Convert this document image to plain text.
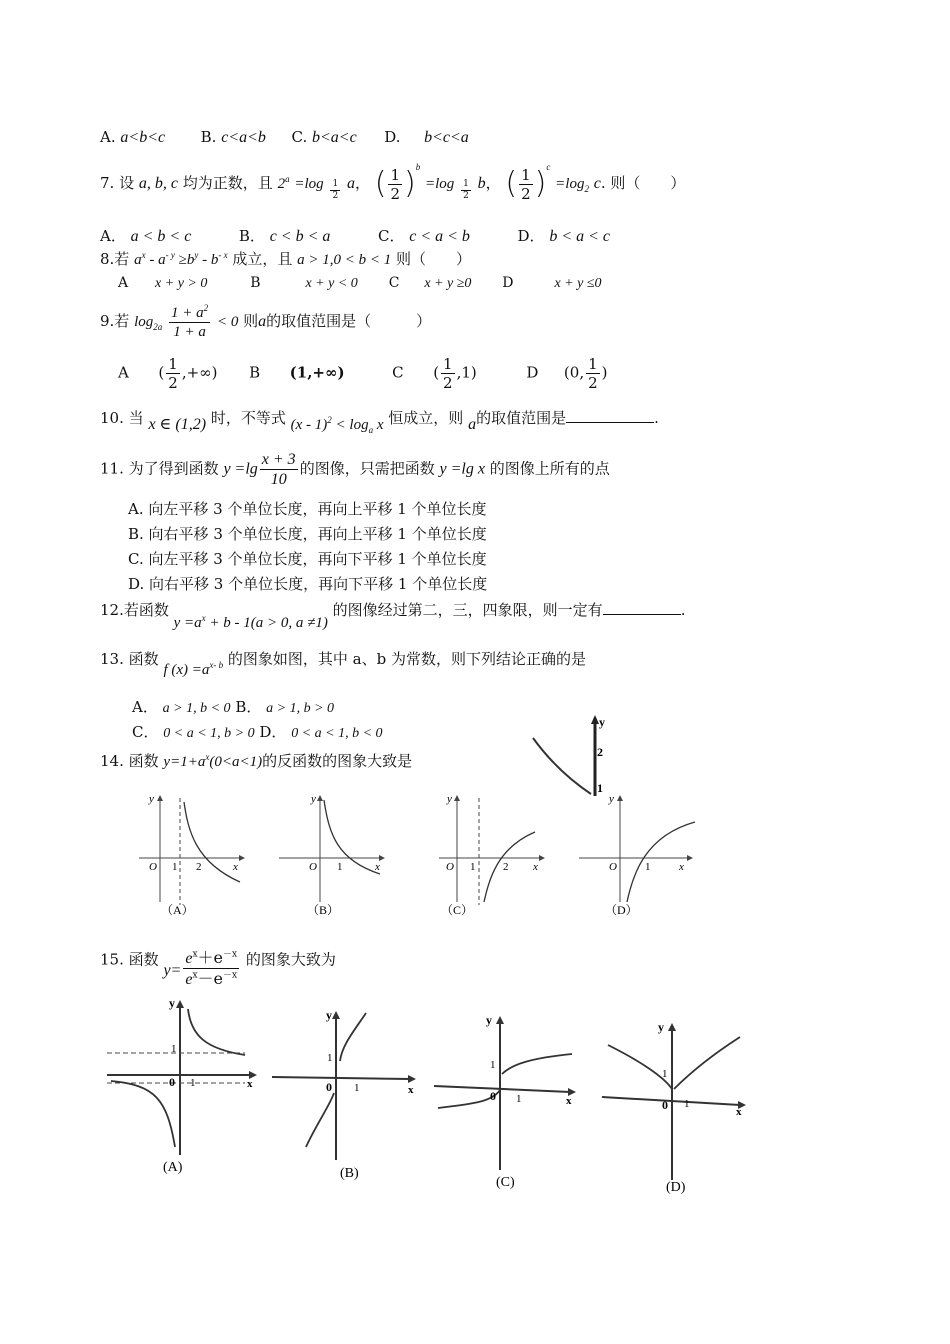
A. a<b<c B. c<a<b C. b<a<c D. b<c<a
7. 设 a, b, c 均为正数，且 $2^a =\log \frac{1}{2}$ a， ( $\frac{1}{2} )^b =\log \frac{1}{2}$ b， ( $\frac{1}{2} )^c =\log_2$ c. 则（　　）
A． a < b < c	B． c < b < a	C． c < a < b	D． b < a < c
8.若 $a^x - a^{- y} \ge b^y - b^{- x}$ 成立，且 a > 1,0 < b < 1 则（　　）
A x + y > 0	B	x + y < 0 C x + y ≥0 D	x + y ≤0
9.若 $\log_{2a} \frac{1 + a^2}{1 + a} < 0$ 则a的取值范围是（　　　）
A ( $\frac{1}{2}$ ,+∞) B (1,+∞)	C ( $\frac{1}{2} ,1$)	D (0, $\frac{1}{2}$ )
10. 当 x ∈ (1,2) 时，不等式 $(x - 1)^2 < \log_a x$ 恒成立，则 a的取值范围是	.
11. 为了得到函数 $y =\lg \frac{x + 3}{10}$ 的图像，只需把函数 y =lg x 的图像上所有的点
A. 向左平移 3 个单位长度，再向上平移 1 个单位长度
B. 向右平移 3 个单位长度，再向上平移 1 个单位长度
C. 向左平移 3 个单位长度，再向下平移 1 个单位长度
D. 向右平移 3 个单位长度，再向下平移 1 个单位长度
12.若函数 $y =a^x + b - 1(a > 0$, a ≠1) 的图像经过第二，三，四象限，则一定有	.
13. 函数 f $(x) =a^{x- b}$ 的图象如图，其中 a、b 为常数，则下列结论正确的是
A． a > 1, b < 0 B． a > 1, b > 0
C． 0 < a < 1, b > 0 D． 0 < a < 1, b < 0
y
2
1
14. 函数 $y=1+a^x(0<a<1)$的反函数的图象大致是
y
x
O 1 2
（A）
y
x
O 1
（B）
y
x
O 1	2
（C）
y
x
O	1
（D）
15. 函数 $y= \frac{e^x+e^{-x}}{e^x-e^{-x}}$ 的图象大致为
y
x
0 1
1
(A)
y
x
0 1
1
(B)
y
x
0 1
1
(C)
y
x
0 1
1
(D)
